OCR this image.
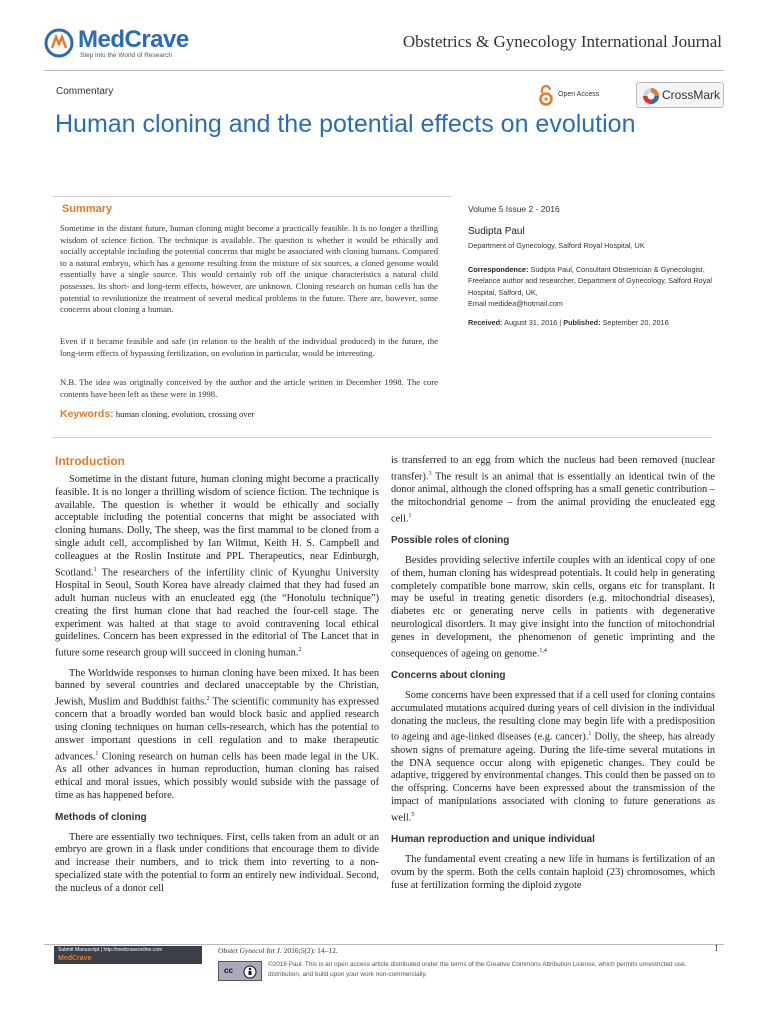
MedCrave
Step into the World of Research
Obstetrics & Gynecology International Journal
Commentary	Open Access	CrossMark
Human cloning and the potential effects on evolution
Summary
Sometime in the distant future, human cloning might become a practically feasible. It is no longer a thrilling wisdom of science fiction. The technique is available. The question is whether it would be ethically and socially acceptable including the potential concerns that might be associated with cloning humans. Compared to a natural embryo, which has a genome resulting from the mixture of six sources, a cloned genome would essentially have a single source. This would certainly rob off the unique characteristics a natural child possesses. Its short- and long-term effects, however, are unknown. Cloning research on human cells has the potential to revolutionize the treatment of several medical problems in the future. There are, however, some concerns about cloning a human.
Even if it became feasible and safe (in relation to the health of the individual produced) in the future, the long-term effects of bypassing fertilization, on evolution in particular, would be interesting.
N.B. The idea was originally conceived by the author and the article written in December 1998. The core contents have been left as these were in 1998.
Keywords: human cloning, evolution, crossing over
Volume 5 Issue 2 - 2016
Sudipta Paul
Department of Gynecology, Salford Royal Hospital, UK
Correspondence: Sudipta Paul, Consultant Obstetrician & Gynecologist, Freelance author and researcher, Department of Gynecology, Salford Royal Hospital, Salford, UK,
Email medidea@hotmail.com
Received: August 31, 2016 | Published: September 20, 2016
Introduction

Sometime in the distant future, human cloning might become a practically feasible. It is no longer a thrilling wisdom of science fiction. The technique is available. The question is whether it would be ethically and socially acceptable including the potential concerns that might be associated with cloning humans. Dolly, The sheep, was the first mammal to be cloned from a single adult cell, accomplished by Ian Wilmut, Keith H. S. Campbell and colleagues at the Roslin Institute and PPL Therapeutics, near Edinburgh, Scotland.$^1$ The researchers of the infertility clinic of Kyunghu University Hospital in Seoul, South Korea have already claimed that they had fused an adult human nucleus with an enucleated egg (the “Honolulu technique”) creating the first human clone that had reached the four-cell stage. The experiment was halted at that stage to avoid contravening local ethical guidelines. Concern has been expressed in the editorial of The Lancet that in future some research group will succeed in cloning human.$^2$

The Worldwide responses to human cloning have been mixed. It has been banned by several countries and declared unacceptable by the Christian, Jewish, Muslim and Buddhist faiths.$^2$ The scientific community has expressed concern that a broadly worded ban would block basic and applied research using cloning techniques on human cells-research, which has the potential to answer important questions in cell regulation and to make therapeutic advances.$^1$ Cloning research on human cells has been made legal in the UK. As all other advances in human reproduction, human cloning has raised ethical and moral issues, which possibly would subside with the passage of time as has happened before.

Methods of cloning

There are essentially two techniques. First, cells taken from an adult or an embryo are grown in a flask under conditions that encourage them to divide and increase their numbers, and to trick them into reverting to a non-specialized state with the potential to form an entirely new individual. Second, the nucleus of a donor cell

is transferred to an egg from which the nucleus had been removed (nuclear transfer).$^3$ The result is an animal that is essentially an identical twin of the donor animal, although the cloned offspring has a small genetic contribution – the mitochondrial genome – from the animal providing the enucleated egg cell.$^1$

Possible roles of cloning

Besides providing selective infertile couples with an identical copy of one of them, human cloning has widespread potentials. It could help in generating completely compatible bone marrow, skin cells, organs etc for transplant. It may be useful in treating genetic disorders (e.g. mitochondrial diseases), diabetes etc or generating nerve cells in patients with degenerative neurological disorders. It may give insight into the function of mitochondrial genes in development, the phenomenon of genetic imprinting and the consequences of ageing on genome.$^{1,4}$

Concerns about cloning

Some concerns have been expressed that if a cell used for cloning contains accumulated mutations acquired during years of cell division in the individual donating the nucleus, the resulting clone may begin life with a predisposition to ageing and age-linked diseases (e.g. cancer).$^1$ Dolly, the sheep, has already shown signs of premature ageing. During the life-time several mutations in the DNA sequence occur along with epigenetic changes. They could be adaptive, triggered by environmental changes. This could then be passed on to the offspring. Concerns have been expressed about the transmission of the impact of manipulations associated with cloning to future generations as well.$^5$

Human reproduction and unique individual

The fundamental event creating a new life in humans is fertilization of an ovum by the sperm. Both the cells contain haploid (23) chromosomes, which fuse at fertilization forming the diploid zygote

Submit Manuscript | http://medcraveonline.com
MedCrave
Obstet Gynecol Int J. 2016;5(2): 14‒12.	1
cc
©2016 Paul. This is an open access article distributed under the terms of the Creative Commons Attribution License, which permits unrestricted use, distribution, and build upon your work non-commercially.
